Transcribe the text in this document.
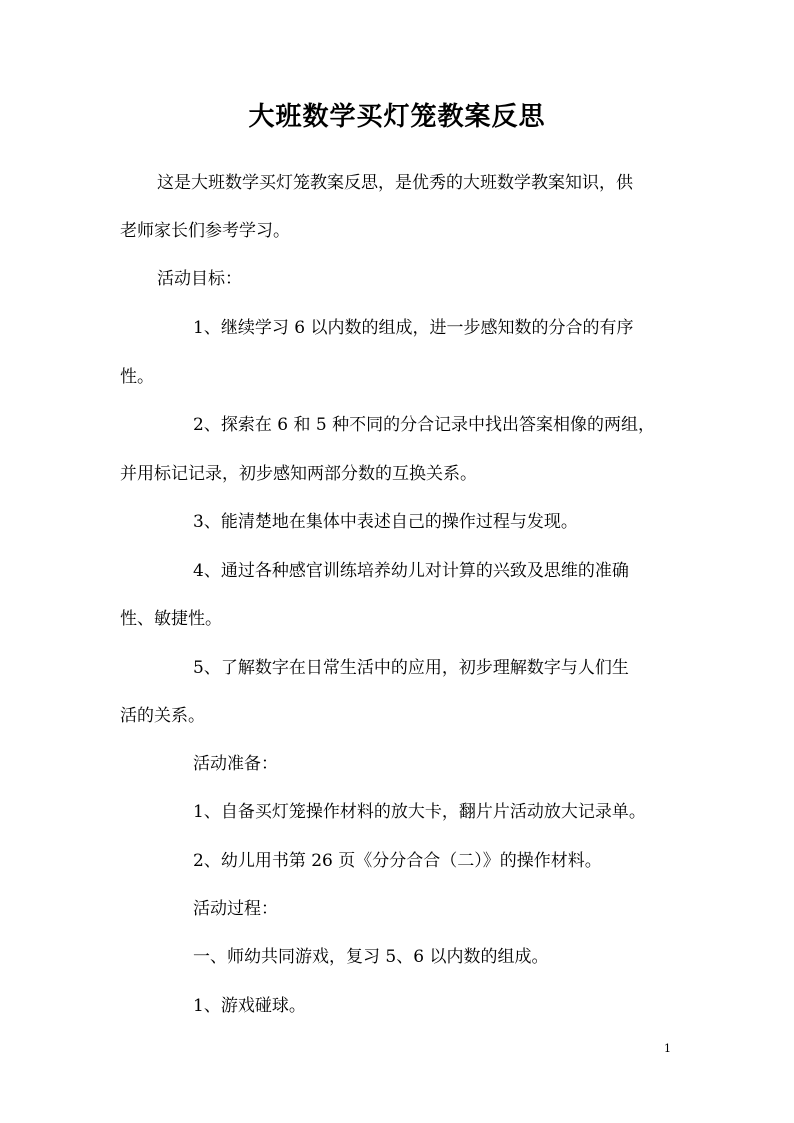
大班数学买灯笼教案反思

这是大班数学买灯笼教案反思，是优秀的大班数学教案知识，供

老师家长们参考学习。

活动目标：

1、继续学习 6 以内数的组成，进一步感知数的分合的有序

性。

2、探索在 6 和 5 种不同的分合记录中找出答案相像的两组，

并用标记记录，初步感知两部分数的互换关系。

3、能清楚地在集体中表述自己的操作过程与发现。

4、通过各种感官训练培养幼儿对计算的兴致及思维的准确

性、敏捷性。

5、了解数字在日常生活中的应用，初步理解数字与人们生

活的关系。

活动准备：

1、自备买灯笼操作材料的放大卡，翻片片活动放大记录单。

2、幼儿用书第 26 页《分分合合（二）》的操作材料。

活动过程：

一、师幼共同游戏，复习 5、6 以内数的组成。

1、游戏碰球。

1
